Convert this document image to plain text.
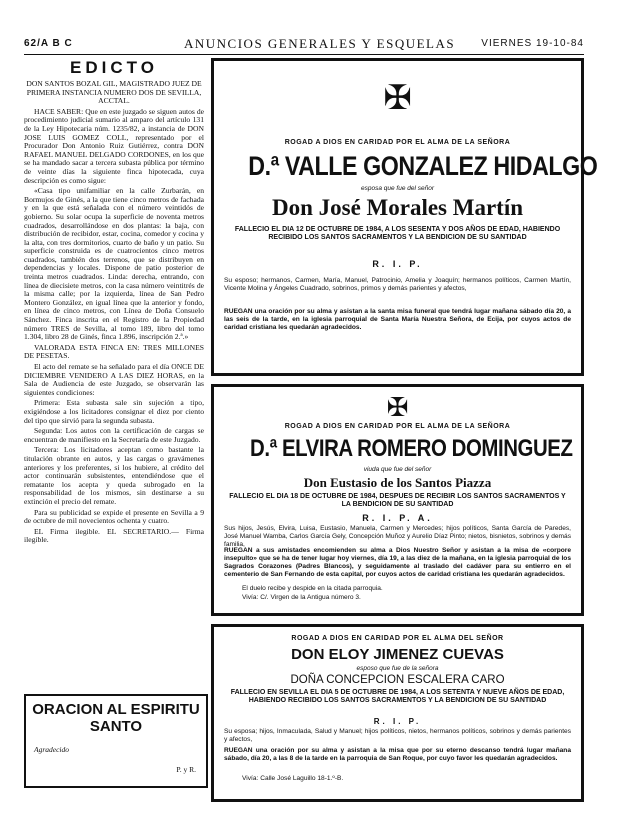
62/A B C	ANUNCIOS GENERALES Y ESQUELAS	VIERNES 19-10-84
EDICTO

DON SANTOS BOZAL GIL, MAGISTRADO JUEZ DE PRIMERA INSTANCIA NUMERO DOS DE SEVILLA, ACCTAL.

HACE SABER: Que en este juzgado se siguen autos de procedimiento judicial sumario al amparo del artículo 131 de la Ley Hipotecaria núm. 1235/82, a instancia de DON JOSE LUIS GOMEZ COLL, representado por el Procurador Don Antonio Ruiz Gutiérrez, contra DON RAFAEL MANUEL DELGADO CORDONES, en los que se ha mandado sacar a tercera subasta pública por término de veinte días la siguiente finca hipotecada, cuya descripción es como sigue:

«Casa tipo unifamiliar en la calle Zurbarán, en Bormujos de Ginés, a la que tiene cinco metros de fachada y en la que está señalada con el número veintidós de gobierno. Su solar ocupa la superficie de noventa metros cuadrados, desarrollándose en dos plantas: la baja, con distribución de recibidor, estar, cocina, comedor y cocina y la alta, con tres dormitorios, cuarto de baño y un patio. Su superficie construida es de cuatrocientos cinco metros cuadrados, también dos terrenos, que se distribuyen en dependencias y locales. Dispone de patio posterior de treinta metros cuadrados. Linda: derecha, entrando, con línea de diecisiete metros, con la casa número veintitrés de la misma calle; por la izquierda, línea de San Pedro Montero González, en igual línea que la anterior y fondo, en línea de cinco metros, con Línea de Doña Consuelo Sánchez. Finca inscrita en el Registro de la Propiedad número TRES de Sevilla, al tomo 189, libro del tomo 1.304, libro 28 de Ginés, finca 1.896, inscripción 2.ª.»

VALORADA ESTA FINCA EN: TRES MILLONES DE PESETAS.

El acto del remate se ha señalado para el día ONCE DE DICIEMBRE VENIDERO A LAS DIEZ HORAS, en la Sala de Audiencia de este Juzgado, se observarán las siguientes condiciones:

Primera: Esta subasta sale sin sujeción a tipo, exigiéndose a los licitadores consignar el diez por ciento del tipo que sirvió para la segunda subasta.

Segunda: Los autos con la certificación de cargas se encuentran de manifiesto en la Secretaría de este Juzgado.

Tercera: Los licitadores aceptan como bastante la titulación obrante en autos, y las cargas o gravámenes anteriores y los preferentes, si los hubiere, al crédito del actor continuarán subsistentes, entendiéndose que el rematante los acepta y queda subrogado en la responsabilidad de los mismos, sin destinarse a su extinción el precio del remate.

Para su publicidad se expide el presente en Sevilla a 9 de octubre de mil novecientos ochenta y cuatro.

EL Firma ilegible. EL SECRETARIO.— Firma ilegible.

ORACION AL ESPIRITU SANTO
Agradecido
P. y R.
✠
ROGAD A DIOS EN CARIDAD POR EL ALMA DE LA SEÑORA
D.ª VALLE GONZALEZ HIDALGO
esposa que fue del señor
Don José Morales Martín
FALLECIO EL DIA 12 DE OCTUBRE DE 1984, A LOS SESENTA Y DOS AÑOS DE EDAD, HABIENDO RECIBIDO LOS SANTOS SACRAMENTOS Y LA BENDICION DE SU SANTIDAD
R. I. P.
Su esposo; hermanos, Carmen, María, Manuel, Patrocinio, Amelia y Joaquín; hermanos políticos, Carmen Martín, Vicente Molina y Ángeles Cuadrado, sobrinos, primos y demás parientes y afectos,
RUEGAN una oración por su alma y asistan a la santa misa funeral que tendrá lugar mañana sábado día 20, a las seis de la tarde, en la iglesia parroquial de Santa María Nuestra Señora, de Ecija, por cuyos actos de caridad cristiana les quedarán agradecidos.
✠
ROGAD A DIOS EN CARIDAD POR EL ALMA DE LA SEÑORA
D.ª ELVIRA ROMERO DOMINGUEZ
viuda que fue del señor
Don Eustasio de los Santos Piazza
FALLECIO EL DIA 18 DE OCTUBRE DE 1984, DESPUES DE RECIBIR LOS SANTOS SACRAMENTOS Y LA BENDICION DE SU SANTIDAD
R. I. P. A.
Sus hijos, Jesús, Elvira, Luisa, Eustasio, Manuela, Carmen y Mercedes; hijos políticos, Santa García de Paredes, José Manuel Wamba, Carlos García Gely, Concepción Muñoz y Aurelio Díaz Pinto; nietos, bisnietos, sobrinos y demás familia,
RUEGAN a sus amistades encomienden su alma a Dios Nuestro Señor y asistan a la misa de «corpore insepulto» que se ha de tener lugar hoy viernes, día 19, a las diez de la mañana, en la iglesia parroquial de los Sagrados Corazones (Padres Blancos), y seguidamente al traslado del cadáver para su entierro en el cementerio de San Fernando de esta capital, por cuyos actos de caridad cristiana les quedarán agradecidos.
El duelo recibe y despide en la citada parroquia.
Vivía: C/. Virgen de la Antigua número 3.
ROGAD A DIOS EN CARIDAD POR EL ALMA DEL SEÑOR
DON ELOY JIMENEZ CUEVAS
esposo que fue de la señora
DOÑA CONCEPCION ESCALERA CARO
FALLECIO EN SEVILLA EL DIA 5 DE OCTUBRE DE 1984, A LOS SETENTA Y NUEVE AÑOS DE EDAD, HABIENDO RECIBIDO LOS SANTOS SACRAMENTOS Y LA BENDICION DE SU SANTIDAD
R. I. P.
Su esposa; hijos, Inmaculada, Salud y Manuel; hijos políticos, nietos, hermanos políticos, sobrinos y demás parientes y afectos,
RUEGAN una oración por su alma y asistan a la misa que por su eterno descanso tendrá lugar mañana sábado, día 20, a las 8 de la tarde en la parroquia de San Roque, por cuyo favor les quedarán agradecidos.
Vivía: Calle José Laguillo 18-1.º-B.
